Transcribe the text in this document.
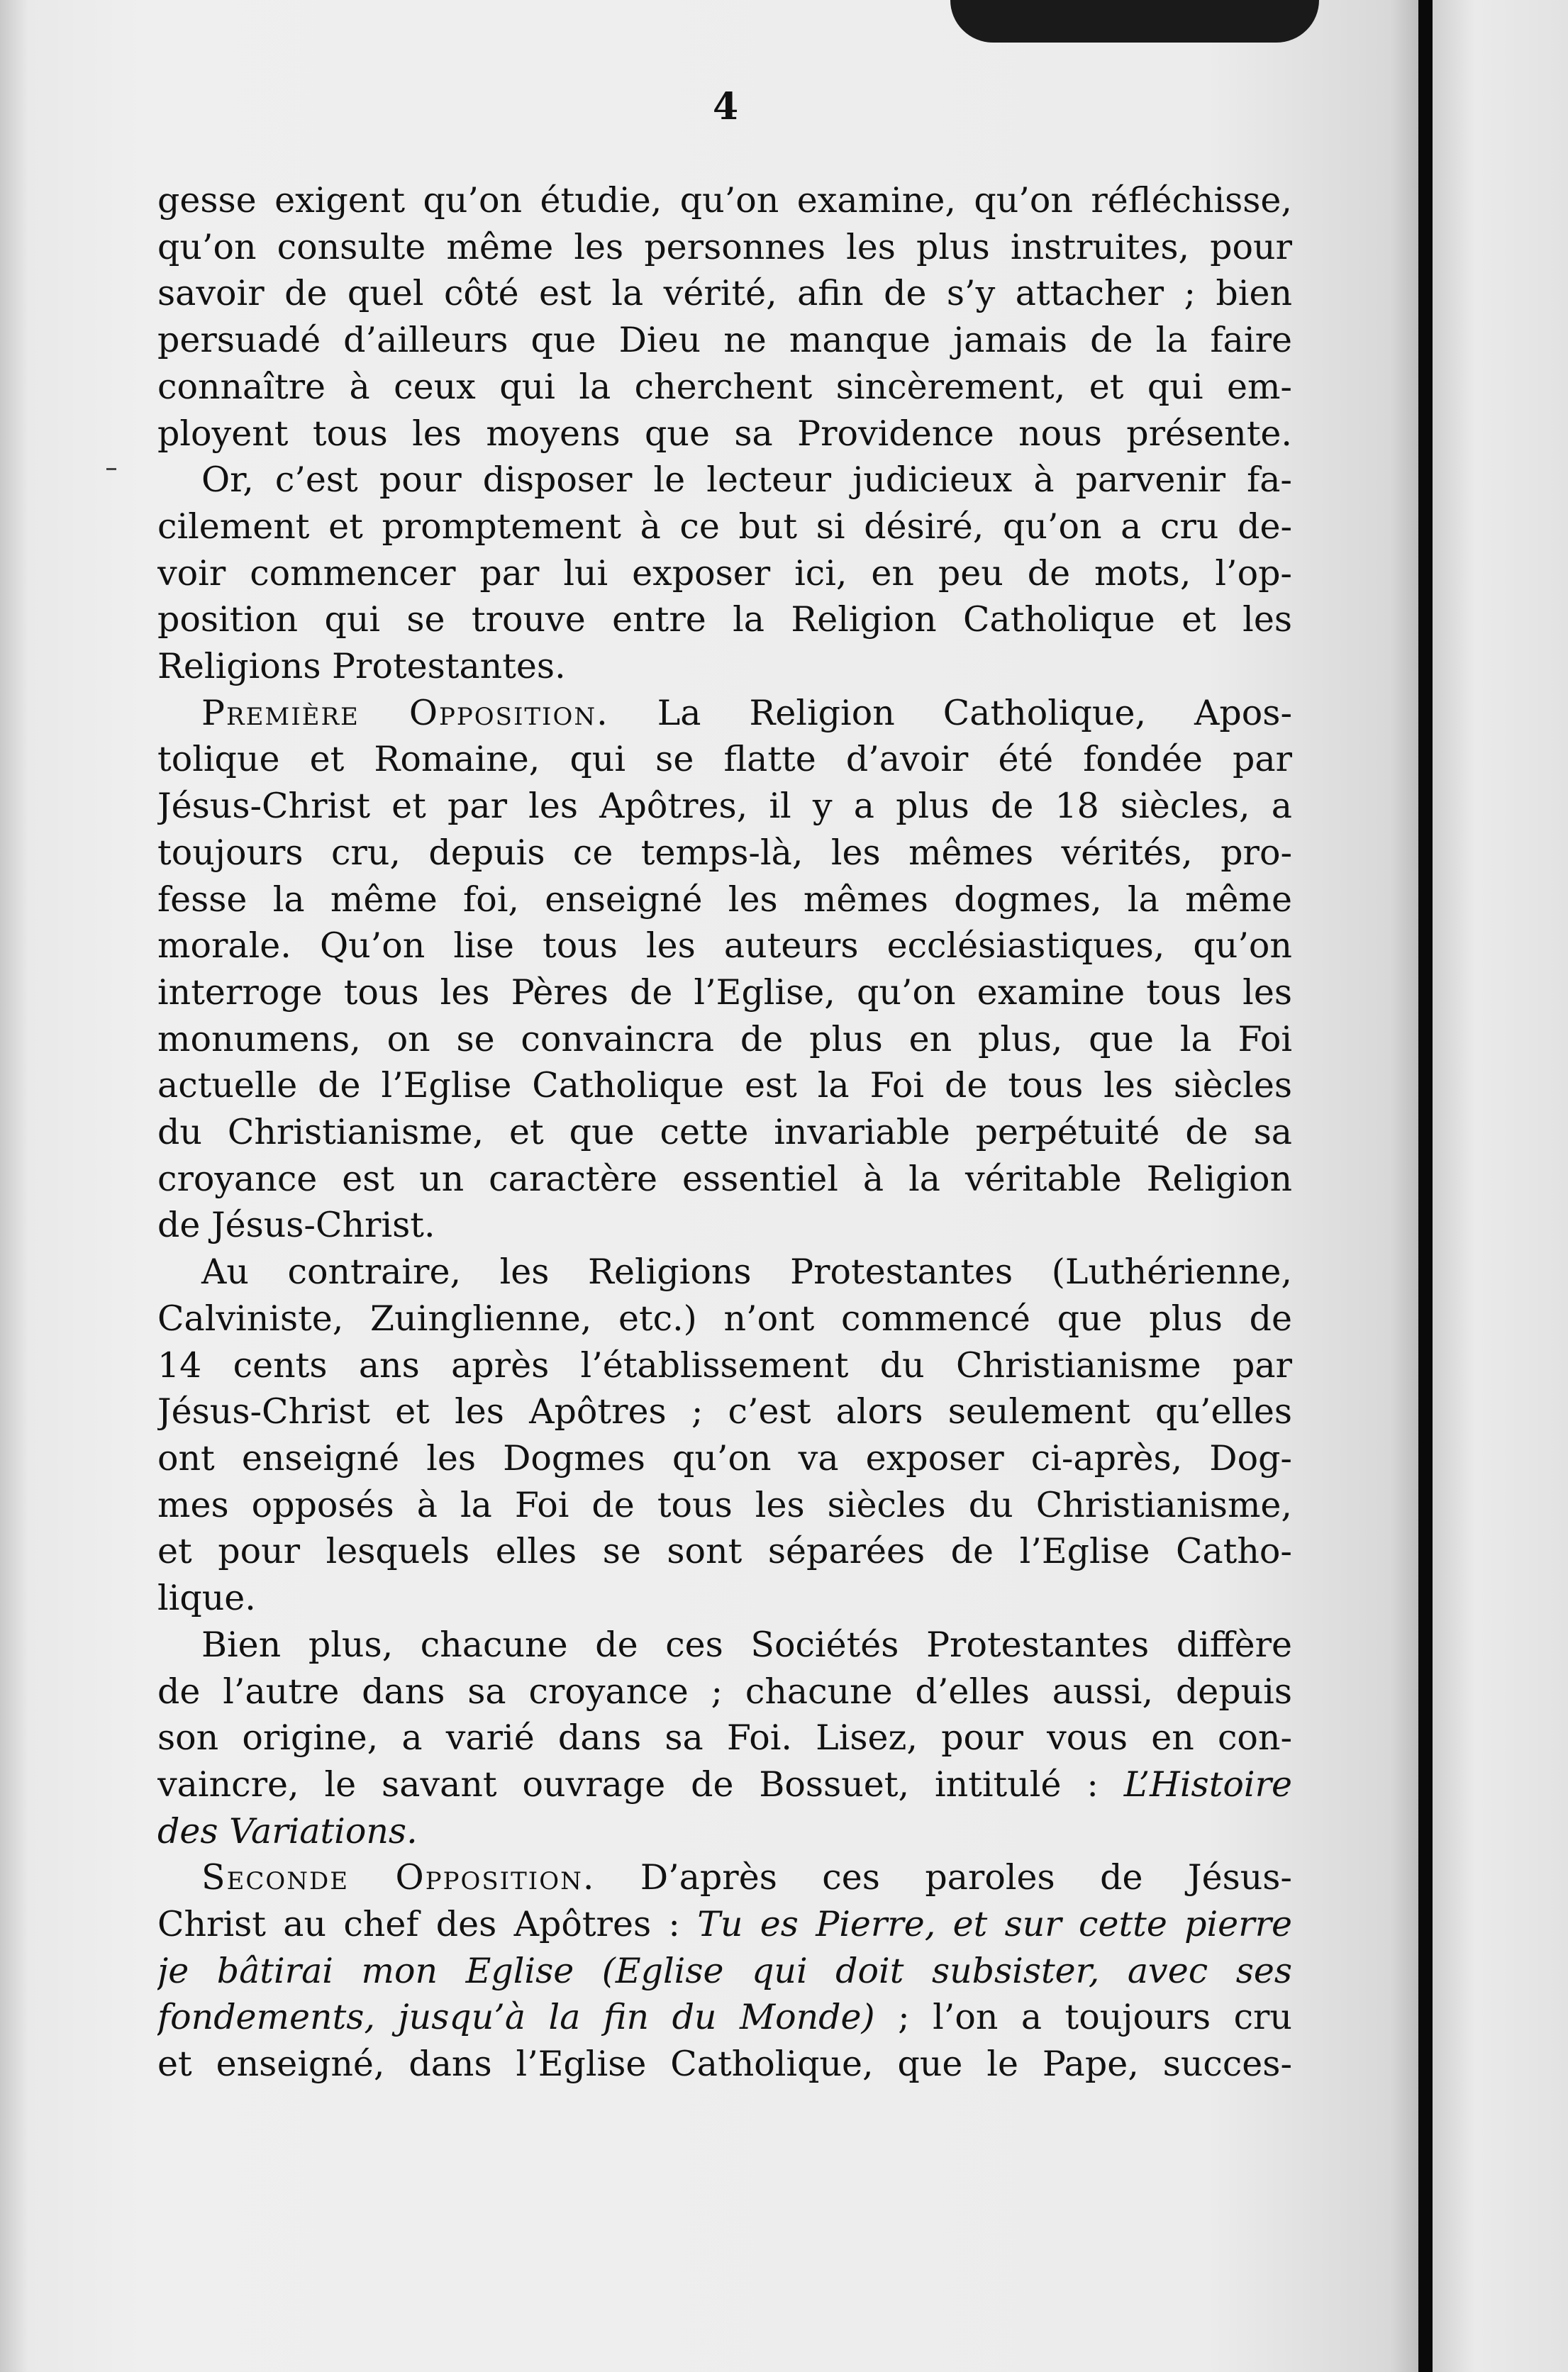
4
gesse exigent qu’on étudie, qu’on examine, qu’on réfléchisse,
qu’on consulte même les personnes les plus instruites, pour
savoir de quel côté est la vérité, afin de s’y attacher ; bien
persuadé d’ailleurs que Dieu ne manque jamais de la faire
connaître à ceux qui la cherchent sincèrement, et qui em-
ployent tous les moyens que sa Providence nous présente.
Or, c’est pour disposer le lecteur judicieux à parvenir fa-
cilement et promptement à ce but si désiré, qu’on a cru de-
voir commencer par lui exposer ici, en peu de mots, l’op-
position qui se trouve entre la Religion Catholique et les
Religions Protestantes.
Première Opposition. La Religion Catholique, Apos-
tolique et Romaine, qui se flatte d’avoir été fondée par
Jésus-Christ et par les Apôtres, il y a plus de 18 siècles, a
toujours cru, depuis ce temps-là, les mêmes vérités, pro-
fesse la même foi, enseigné les mêmes dogmes, la même
morale. Qu’on lise tous les auteurs ecclésiastiques, qu’on
interroge tous les Pères de l’Eglise, qu’on examine tous les
monumens, on se convaincra de plus en plus, que la Foi
actuelle de l’Eglise Catholique est la Foi de tous les siècles
du Christianisme, et que cette invariable perpétuité de sa
croyance est un caractère essentiel à la véritable Religion
de Jésus-Christ.
Au contraire, les Religions Protestantes (Luthérienne,
Calviniste, Zuinglienne, etc.) n’ont commencé que plus de
14 cents ans après l’établissement du Christianisme par
Jésus-Christ et les Apôtres ; c’est alors seulement qu’elles
ont enseigné les Dogmes qu’on va exposer ci-après, Dog-
mes opposés à la Foi de tous les siècles du Christianisme,
et pour lesquels elles se sont séparées de l’Eglise Catho-
lique.
Bien plus, chacune de ces Sociétés Protestantes diffère
de l’autre dans sa croyance ; chacune d’elles aussi, depuis
son origine, a varié dans sa Foi. Lisez, pour vous en con-
vaincre, le savant ouvrage de Bossuet, intitulé : L’Histoire
des Variations.
Seconde Opposition. D’après ces paroles de Jésus-
Christ au chef des Apôtres : Tu es Pierre, et sur cette pierre
je bâtirai mon Eglise (Eglise qui doit subsister, avec ses
fondements, jusqu’à la fin du Monde) ; l’on a toujours cru
et enseigné, dans l’Eglise Catholique, que le Pape, succes-
